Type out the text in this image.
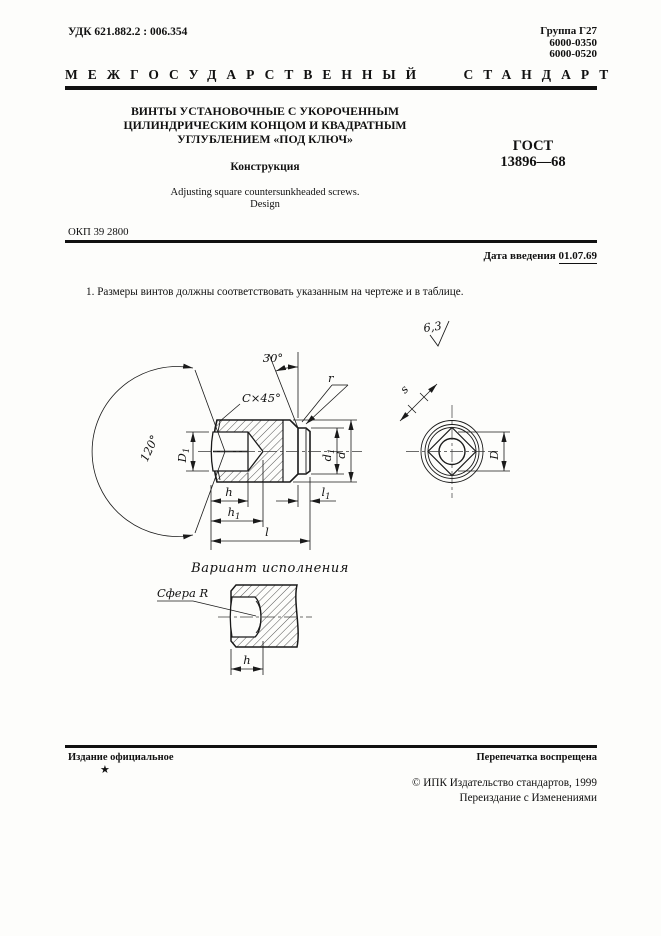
УДК 621.882.2 : 006.354	Группа Г27
6000-0350
6000-0520
МЕЖГОСУДАРСТВЕННЫЙ СТАНДАРТ
ВИНТЫ УСТАНОВОЧНЫЕ С УКОРОЧЕННЫМ
ЦИЛИНДРИЧЕСКИМ КОНЦОМ И КВАДРАТНЫМ
УГЛУБЛЕНИЕМ «ПОД КЛЮЧ»
Конструкция
Adjusting square countersunkheaded screws.
Design
ГОСТ
13896—68
ОКП 39 2800
Дата введения 01.07.69
1. Размеры винтов должны соответствовать указанным на чертеже и в таблице.
6,3
$D_1$
120°
C×45°
30°
r
$d_1$
d
h	$l_1$
$h_1$
l
s
D
Вариант исполнения
Сфера R
h
Издание официальное
★
Перепечатка воспрещена
© ИПК Издательство стандартов, 1999
Переиздание с Изменениями
